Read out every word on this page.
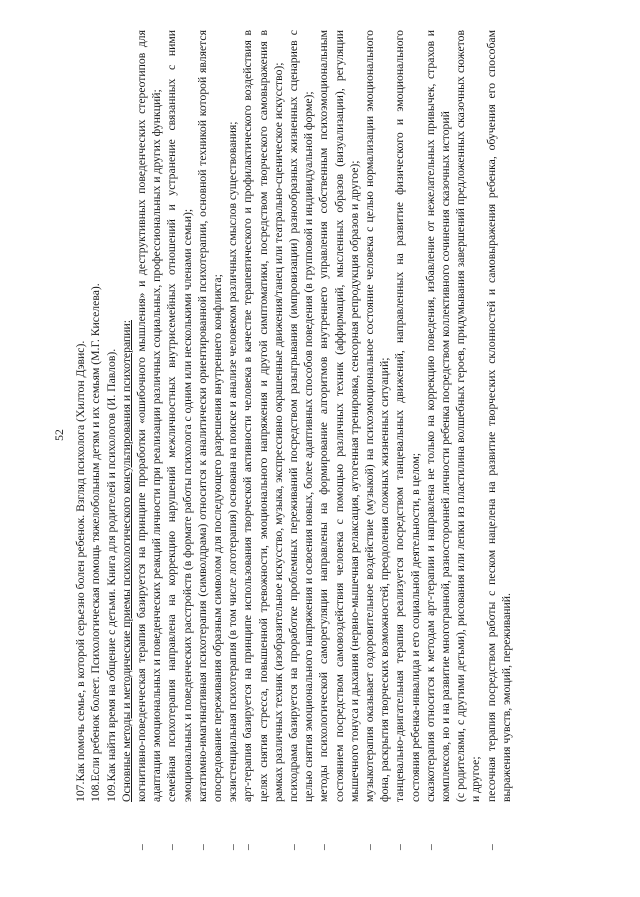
52 107.Как помочь семье, в которой серьезно болен ребенок. Взгляд психолога (Хилтон Дэвис). 108.Если ребенок болеет. Психологическая помощь тяжелобольным детям и их семьям (М.Г. Киселева). 109.Как найти время на общение с детьми. Книга для родителей и психологов (И. Павлов). Основные методы и методические приемы психологического консультирования и психотерапии:

–
когнитивно-поведенческая терапия базируется на принципе проработки «ошибочного мышления» и деструктивных поведенческих стереотипов для адаптации эмоциональных и поведенческих реакций личности при реализации различных социальных, профессиональных и других функций;
–
семейная психотерапия направлена на коррекцию нарушений межличностных внутрисемейных отношений и устранение связанных с ними эмоциональных и поведенческих расстройств (в формате работы психолога с одним или несколькими членами семьи);
–
кататимно-имагинативная психотерапия (символдрама) относится к аналитически ориентированной психотерапии, основной техникой которой является опосредование переживания образным символом для последующего разрешения внутреннего конфликта;
–
экзистенциальная психотерапия (в том числе логотерапия) основана на поиске и анализе человеком различных смыслов существования;
–
арт-терапия базируется на принципе использования творческой активности человека в качестве терапевтического и профилактического воздействия в целях снятия стресса, повышенной тревожности, эмоционального напряжения и другой симптоматики, посредством творческого самовыражения в рамках различных техник (изобразительное искусство, музыка, экспрессивно окрашенные движения/танец или театрально-сценическое искусство);
–
психодрама базируется на проработке проблемных переживаний посредством разыгрывания (импровизации) разнообразных жизненных сценариев с целью снятия эмоционального напряжения и освоения новых, более адаптивных способов поведения (в групповой и индивидуальной форме);
–
методы психологической саморегуляции направлены на формирование алгоритмов внутреннего управления собственным психоэмоциональным состоянием посредством самовоздействия человека с помощью различных техник (аффирмаций, мысленных образов (визуализации), регуляции мышечного тонуса и дыхания (нервно-мышечная релаксация, аутогенная тренировка, сенсорная репродукция образов и другое);
–
музыкотерапия оказывает оздоровительное воздействие (музыкой) на психоэмоциональное состояние человека с целью нормализации эмоционального фона, раскрытия творческих возможностей, преодоления сложных жизненных ситуаций;
–
танцевально-двигательная терапия реализуется посредством танцевальных движений, направленных на развитие физического и эмоционального состояния ребенка-инвалида и его социальной деятельности, в целом;
–
сказкотерапия относится к методам арт-терапии и направлена не только на коррекцию поведения, избавление от нежелательных привычек, страхов и комплексов, но и на развитие многогранной, разносторонней личности ребенка посредством коллективного сочинения сказочных историй (с родителями, с другими детьми), рисования или лепки из пластилина волшебных героев, придумывания завершений предложенных сказочных сюжетов и другое;
–
песочная терапия посредством работы с песком нацелена на развитие творческих склонностей и самовыражения ребенка, обучения его способам выражения чувств, эмоций, переживаний.
